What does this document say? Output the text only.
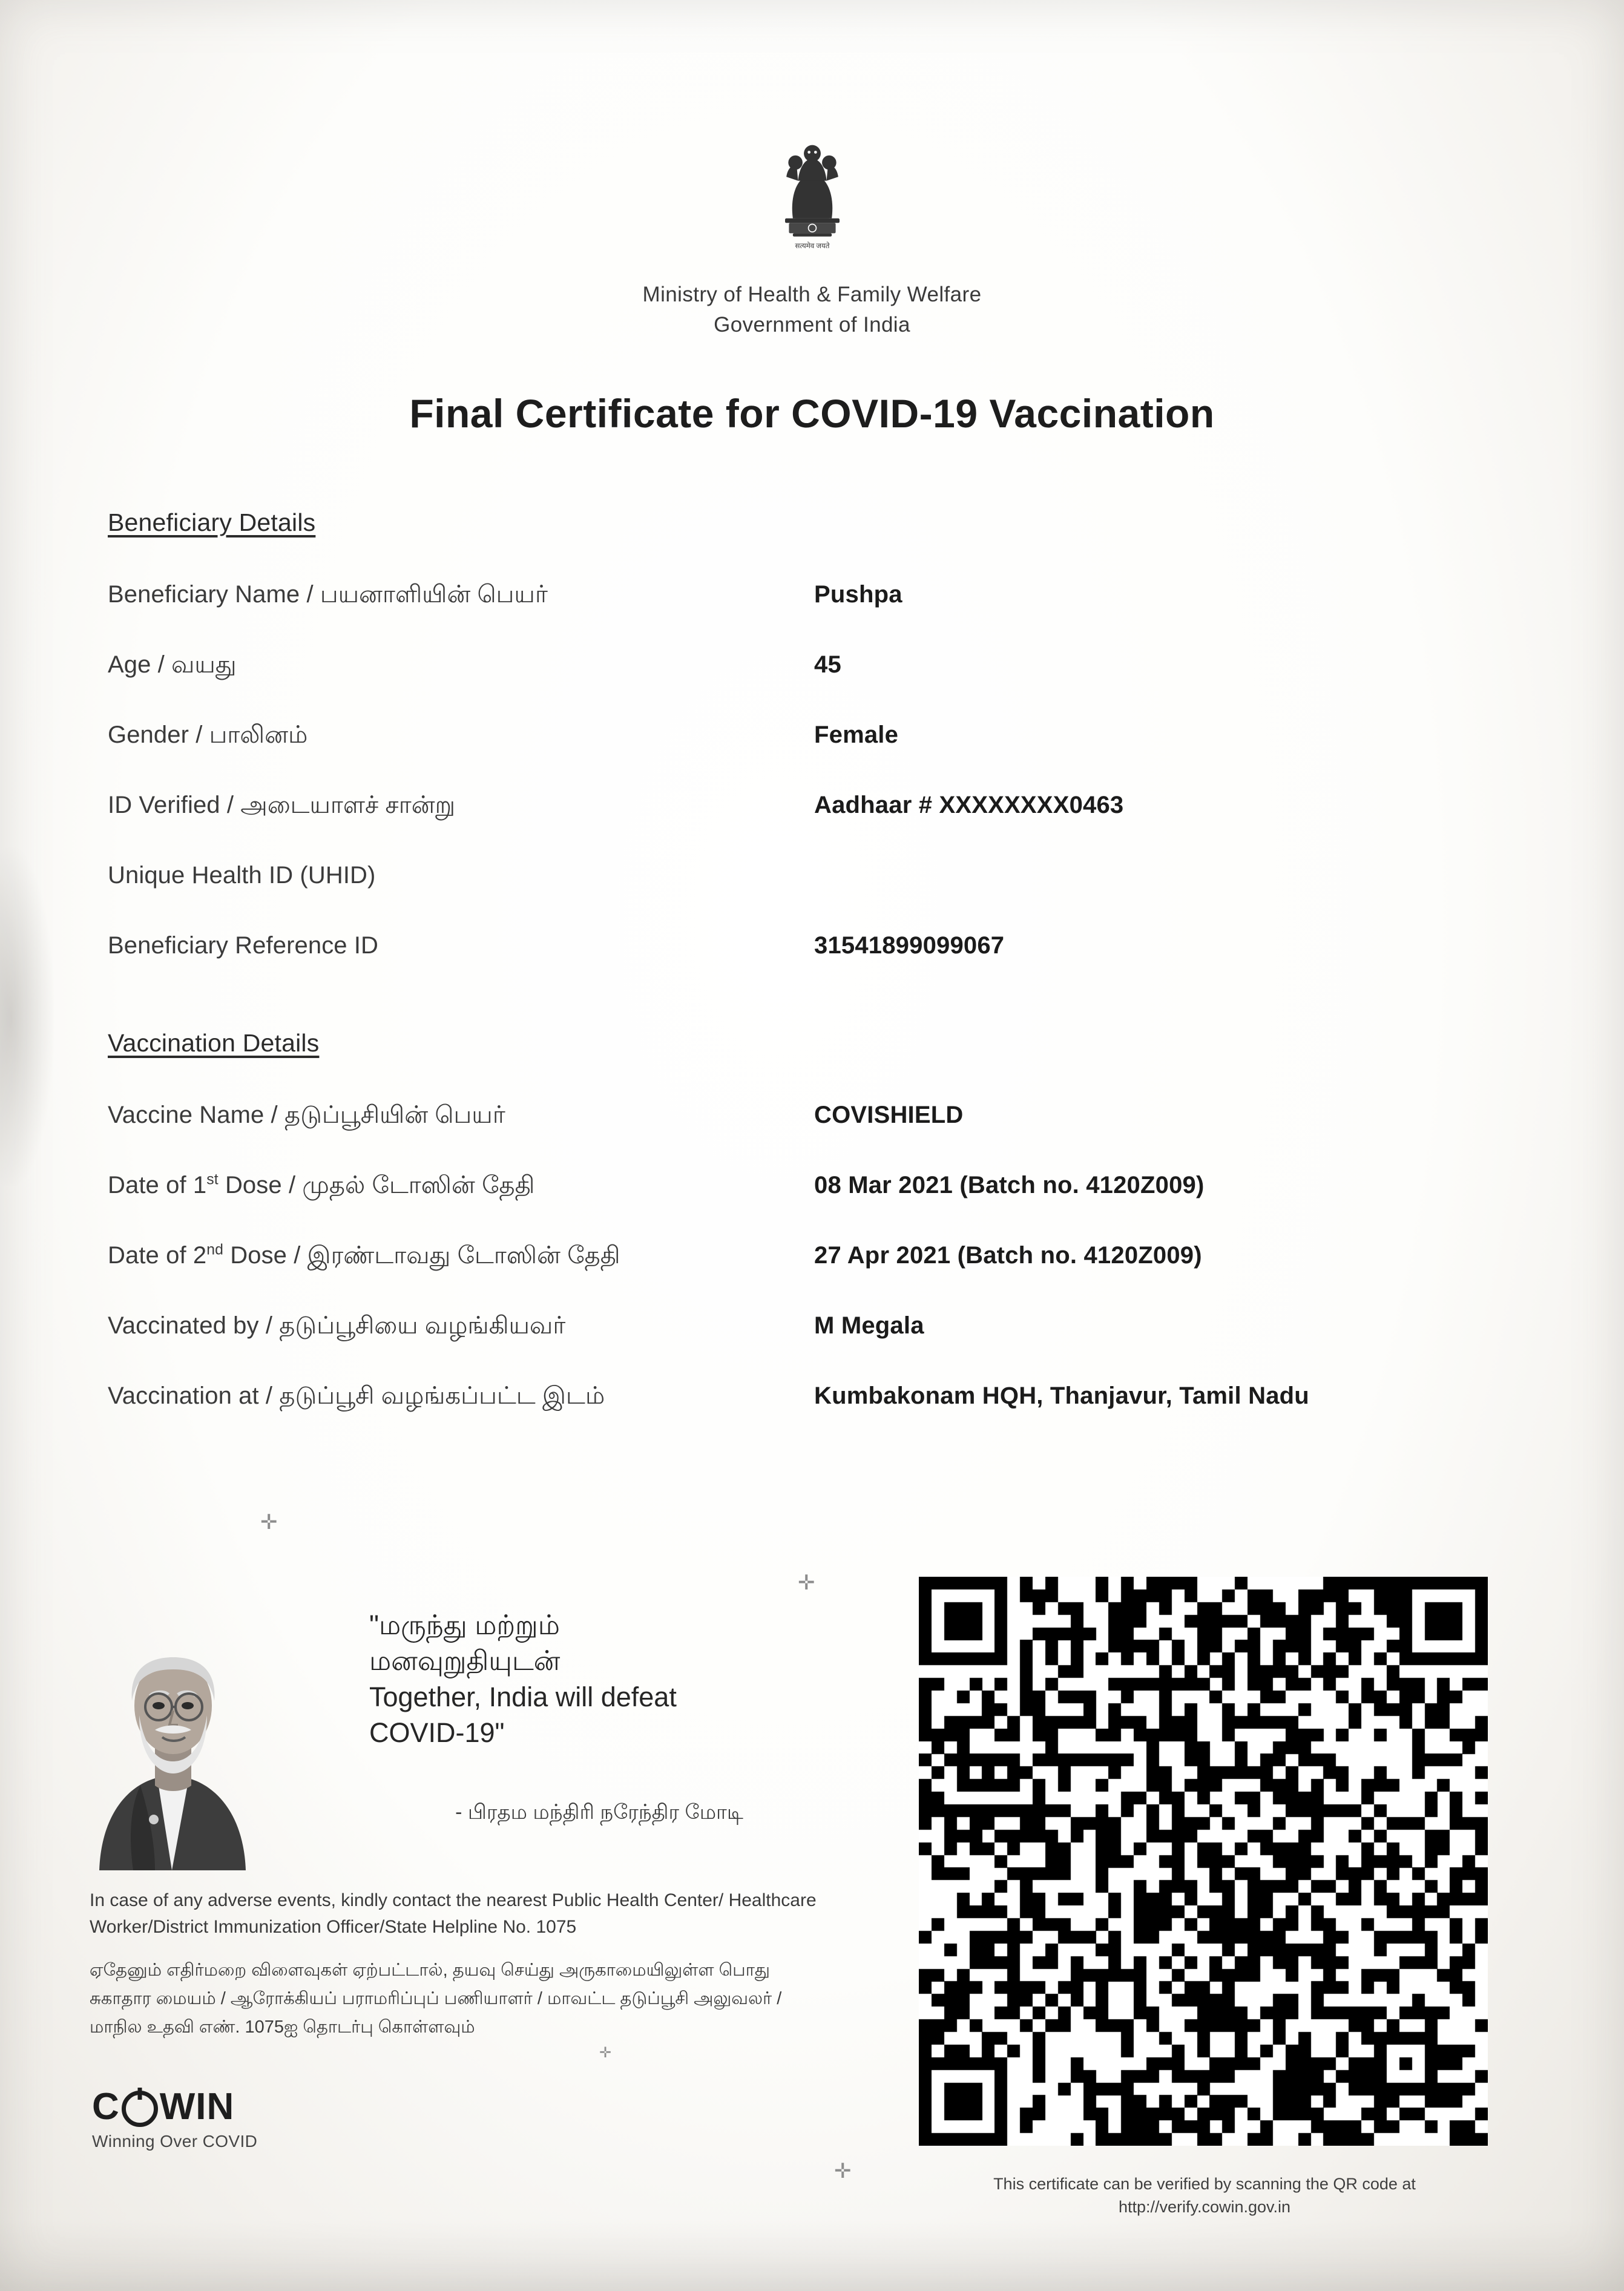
सत्यमेव जयते
Ministry of Health & Family Welfare
Government of India
Final Certificate for COVID-19 Vaccination
Beneficiary Details
Beneficiary Name / பயனாளியின் பெயர்	Pushpa
Age / வயது	45
Gender / பாலினம்	Female
ID Verified / அடையாளச் சான்று	Aadhaar # XXXXXXXX0463
Unique Health ID (UHID)
Beneficiary Reference ID	31541899099067
Vaccination Details
Vaccine Name / தடுப்பூசியின் பெயர்	COVISHIELD
Date of 1st Dose / முதல் டோஸின் தேதி	08 Mar 2021 (Batch no. 4120Z009)
Date of 2nd Dose / இரண்டாவது டோஸின் தேதி	27 Apr 2021 (Batch no. 4120Z009)
Vaccinated by / தடுப்பூசியை வழங்கியவர்	M Megala
Vaccination at / தடுப்பூசி வழங்கப்பட்ட இடம்	Kumbakonam HQH, Thanjavur, Tamil Nadu
✛
✛
✛
✛
"மருந்து மற்றும்
மனவுறுதியுடன்
Together, India will defeat
COVID-19"
- பிரதம மந்திரி நரேந்திர மோடி
In case of any adverse events, kindly contact the nearest Public Health Center/ Healthcare Worker/District Immunization Officer/State Helpline No. 1075
ஏதேனும் எதிர்மறை விளைவுகள் ஏற்பட்டால், தயவு செய்து அருகாமையிலுள்ள பொது
சுகாதார மையம் / ஆரோக்கியப் பராமரிப்புப் பணியாளர் / மாவட்ட தடுப்பூசி அலுவலர் /
மாநில உதவி எண். 1075ஐ தொடர்பு கொள்ளவும்
C WIN
Winning Over COVID
This certificate can be verified by scanning the QR code at
http://verify.cowin.gov.in
